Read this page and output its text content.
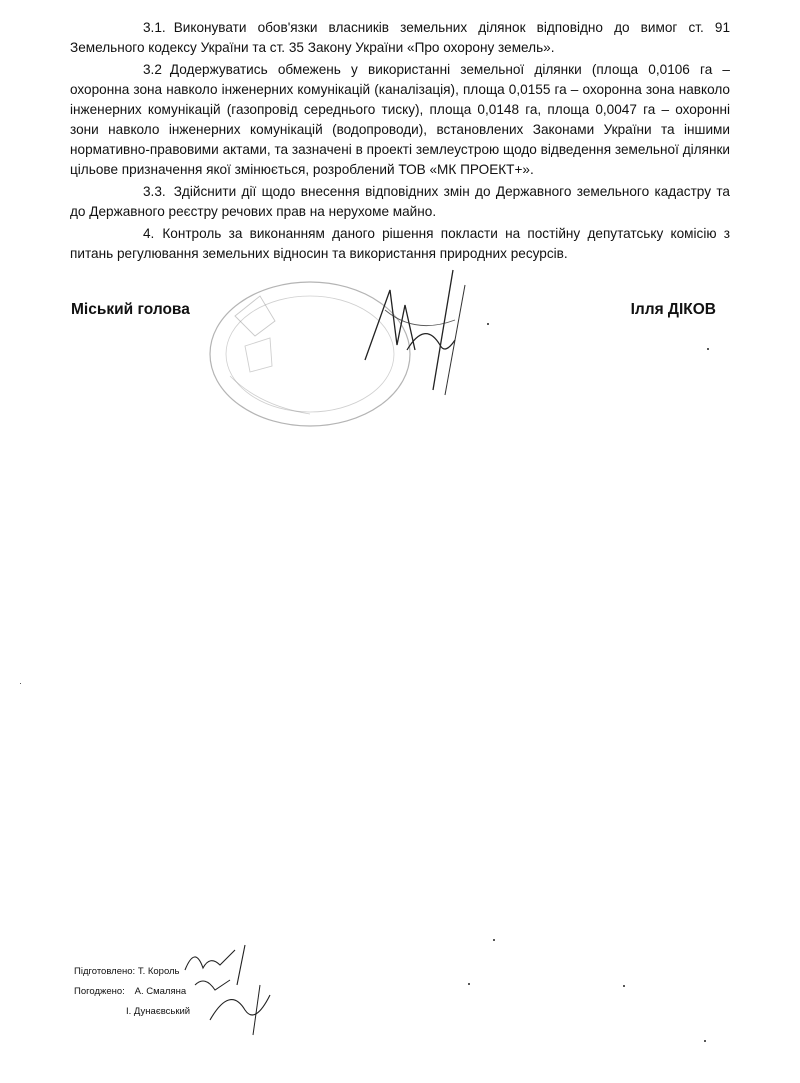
3.1. Виконувати обов'язки власників земельних ділянок відповідно до вимог ст. 91 Земельного кодексу України та ст. 35 Закону України «Про охорону земель».

3.2 Додержуватись обмежень у використанні земельної ділянки (площа 0,0106 га – охоронна зона навколо інженерних комунікацій (каналізація), площа 0,0155 га – охоронна зона навколо інженерних комунікацій (газопровід середнього тиску), площа 0,0148 га, площа 0,0047 га – охоронні зони навколо інженерних комунікацій (водопроводи), встановлених Законами України та іншими нормативно-правовими актами, та зазначені в проекті землеустрою щодо відведення земельної ділянки цільове призначення якої змінюється, розроблений ТОВ «МК ПРОЕКТ+».

3.3. Здійснити дії щодо внесення відповідних змін до Державного земельного кадастру та до Державного реєстру речових прав на нерухоме майно.

4. Контроль за виконанням даного рішення покласти на постійну депутатську комісію з питань регулювання земельних відносин та використання природних ресурсів.

Міський голова	Ілля ДІКОВ
Підготовлено: Т. Король
Погоджено: А. Смаляна
І. Дунаєвський
